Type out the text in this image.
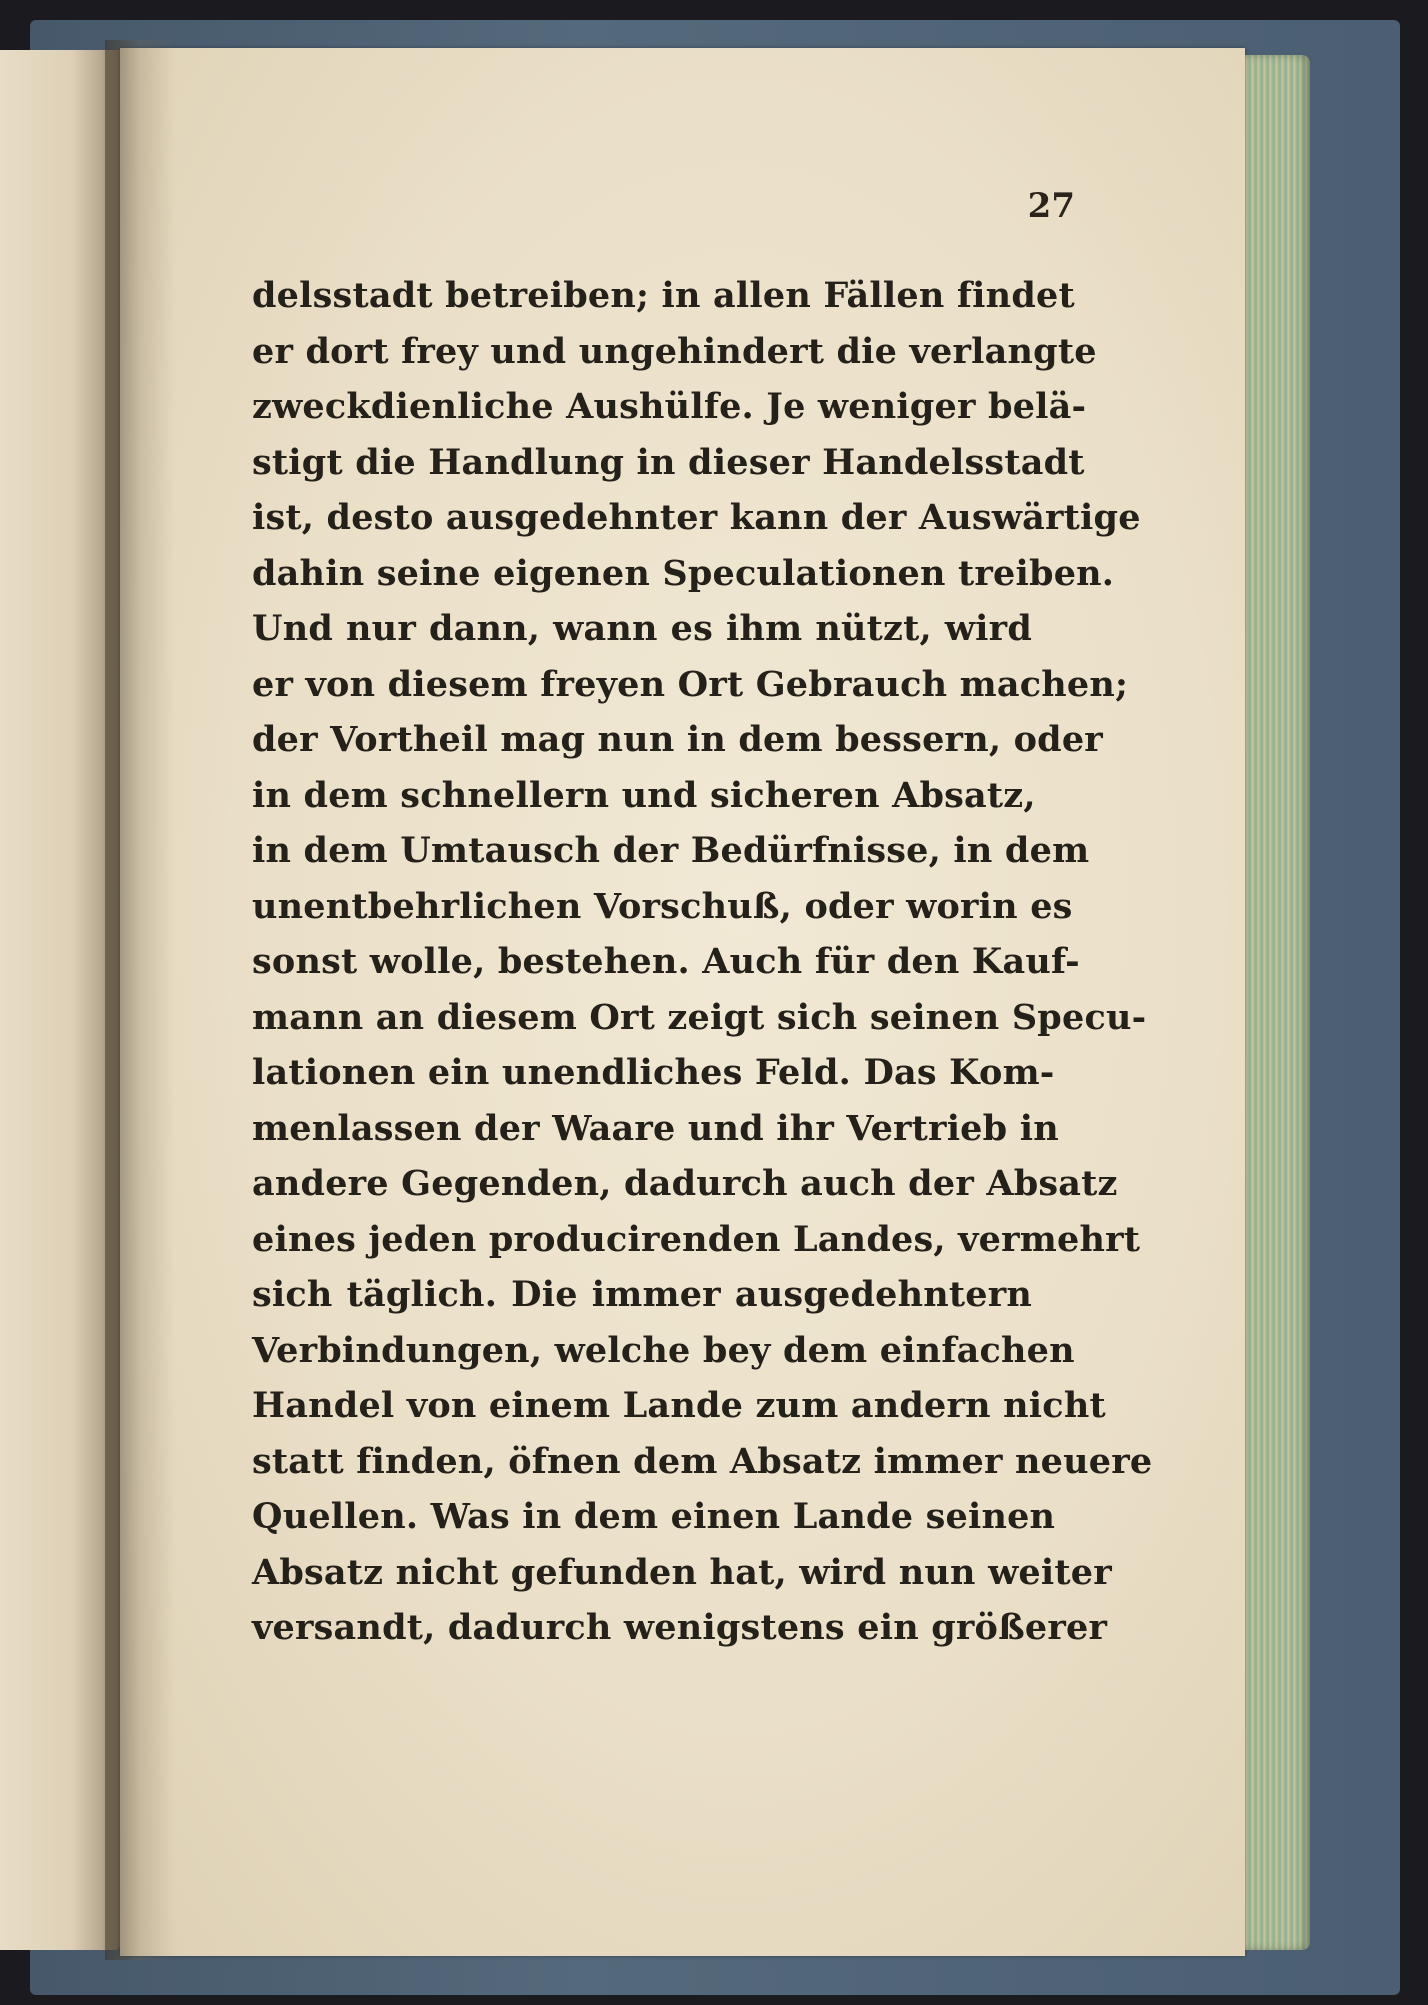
27
delsstadt betreiben; in allen Fällen findet
er dort frey und ungehindert die verlangte
zweckdienliche Aushülfe. Je weniger belä-
stigt die Handlung in dieser Handelsstadt
ist, desto ausgedehnter kann der Auswärtige
dahin seine eigenen Speculationen treiben.
Und nur dann, wann es ihm nützt, wird
er von diesem freyen Ort Gebrauch machen;
der Vortheil mag nun in dem bessern, oder
in dem schnellern und sicheren Absatz,
in dem Umtausch der Bedürfnisse, in dem
unentbehrlichen Vorschuß, oder worin es
sonst wolle, bestehen. Auch für den Kauf-
mann an diesem Ort zeigt sich seinen Specu-
lationen ein unendliches Feld. Das Kom-
menlassen der Waare und ihr Vertrieb in
andere Gegenden, dadurch auch der Absatz
eines jeden producirenden Landes, vermehrt
sich täglich. Die immer ausgedehntern
Verbindungen, welche bey dem einfachen
Handel von einem Lande zum andern nicht
statt finden, öfnen dem Absatz immer neuere
Quellen. Was in dem einen Lande seinen
Absatz nicht gefunden hat, wird nun weiter
versandt, dadurch wenigstens ein größerer
